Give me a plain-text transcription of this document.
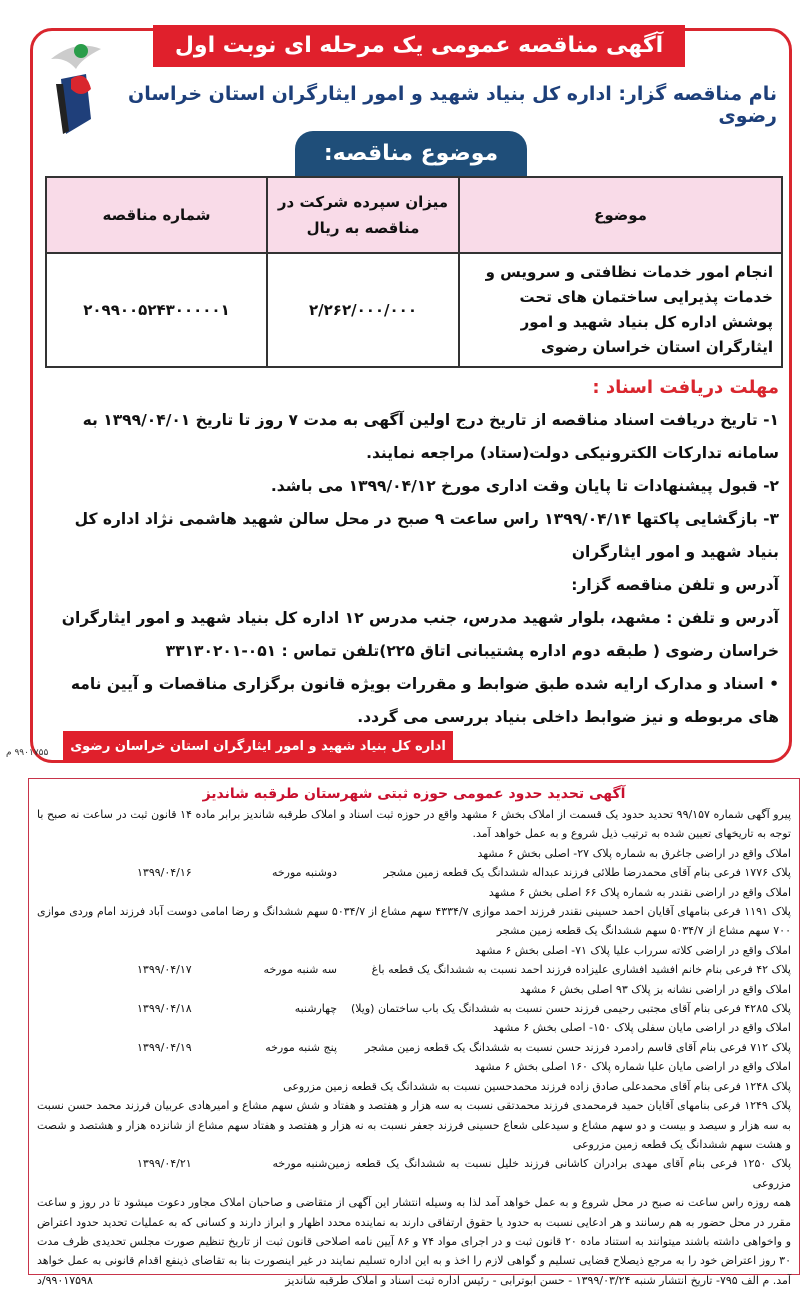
آگهی مناقصه عمومی یک مرحله ای نوبت اول
نام مناقصه گزار: اداره کل بنیاد شهید و امور ایثارگران استان خراسان رضوی
موضوع مناقصه:
موضوع	میزان سپرده شرکت در مناقصه به ریال	شماره مناقصه
انجام امور خدمات نظافتی و سرویس و خدمات پذیرایی ساختمان های تحت پوشش اداره کل بنیاد شهید و امور ایثارگران استان خراسان رضوی	۲/۲۶۲/۰۰۰/۰۰۰	۲۰۹۹۰۰۵۲۴۳۰۰۰۰۰۱
مهلت دریافت اسناد :
۱- تاریخ دریافت اسناد مناقصه از تاریخ درج اولین آگهی به مدت ۷ روز تا تاریخ ۱۳۹۹/۰۴/۰۱ به سامانه تدارکات الکترونیکی دولت(ستاد) مراجعه نمایند.
۲- قبول پیشنهادات تا پایان وقت اداری مورخ ۱۳۹۹/۰۴/۱۲ می باشد.
۳- بازگشایی پاکتها ۱۳۹۹/۰۴/۱۴ راس ساعت ۹ صبح در محل سالن شهید هاشمی نژاد اداره کل بنیاد شهید و امور ایثارگران
آدرس و تلفن مناقصه گزار:
آدرس و تلفن : مشهد، بلوار شهید مدرس، جنب مدرس ۱۲ اداره کل بنیاد شهید و امور ایثارگران خراسان رضوی ( طبقه دوم اداره پشتیبانی اتاق ۲۲۵)تلفن تماس : ۰۵۱-۳۳۱۳۰۲۰۱
• اسناد و مدارک ارایه شده طبق ضوابط و مقررات بویژه قانون برگزاری مناقصات و آیین نامه های مربوطه و نیز ضوابط داخلی بنیاد بررسی می گردد.
اداره کل بنیاد شهید و امور ایثارگران استان خراسان رضوی
۹۹۰۱۷۵۵ م
آگهی تحدید حدود عمومی حوزه ثبتی شهرستان طرقبه شاندیز
پیرو آگهی شماره ۹۹/۱۵۷ تحدید حدود یک قسمت از املاک بخش ۶ مشهد واقع در حوزه ثبت اسناد و املاک طرقبه شاندیز برابر ماده ۱۴ قانون ثبت در ساعت نه صبح با توجه به تاریخهای تعیین شده به ترتیب ذیل شروع و به عمل خواهد آمد.
املاک واقع در اراضی جاغرق به شماره پلاک ۲۷- اصلی بخش ۶ مشهد
پلاک ۱۷۷۶ فرعی بنام آقای محمدرضا طلائی فرزند عبداله ششدانگ یک قطعه زمین مشجر
دوشنبه مورخه
۱۳۹۹/۰۴/۱۶
املاک واقع در اراضی نقندر به شماره پلاک ۶۶ اصلی بخش ۶ مشهد
پلاک ۱۱۹۱ فرعی بنامهای آقایان احمد حسینی نقندر فرزند احمد موازی ۴۳۳۴/۷ سهم مشاع از ۵۰۳۴/۷ سهم ششدانگ و رضا امامی دوست آباد فرزند امام وردی موازی ۷۰۰ سهم مشاع از ۵۰۳۴/۷ سهم ششدانگ یک قطعه زمین مشجر
املاک واقع در اراضی کلاته سرراب علیا پلاک ۷۱- اصلی بخش ۶ مشهد
پلاک ۴۲ فرعی بنام خانم افشید افشاری علیزاده فرزند احمد نسبت به ششدانگ یک قطعه باغ
سه شنبه مورخه
۱۳۹۹/۰۴/۱۷
املاک واقع در اراضی نشانه بز پلاک ۹۳ اصلی بخش ۶ مشهد
پلاک ۴۲۸۵ فرعی بنام آقای مجتبی رحیمی فرزند حسن نسبت به ششدانگ یک باب ساختمان (ویلا)
چهارشنبه
۱۳۹۹/۰۴/۱۸
املاک واقع در اراضی مایان سفلی پلاک ۱۵۰- اصلی بخش ۶ مشهد
پلاک ۷۱۲ فرعی بنام آقای قاسم رادمرد فرزند حسن نسبت به ششدانگ یک قطعه زمین مشجر
پنج شنبه مورخه
۱۳۹۹/۰۴/۱۹
املاک واقع در اراضی مایان علیا شماره پلاک ۱۶۰ اصلی بخش ۶ مشهد
پلاک ۱۲۴۸ فرعی بنام آقای محمدعلی صادق زاده فرزند محمدحسین نسبت به ششدانگ یک قطعه زمین مزروعی
پلاک ۱۲۴۹ فرعی بنامهای آقایان حمید فرمحمدی فرزند محمدتقی نسبت به سه هزار و هفتصد و هفتاد و شش سهم مشاع و امیرهادی عربیان فرزند محمد حسن نسبت به سه هزار و سیصد و بیست و دو سهم مشاع و سیدعلی شعاع حسینی فرزند جعفر نسبت به نه هزار و هفتصد و هفتاد سهم مشاع از شانزده هزار و هشتصد و شصت و هشت سهم ششدانگ یک قطعه زمین مزروعی
پلاک ۱۲۵۰ فرعی بنام آقای مهدی برادران کاشانی فرزند خلیل نسبت به ششدانگ یک قطعه زمین مزروعی
شنبه مورخه
۱۳۹۹/۰۴/۲۱
همه روزه راس ساعت نه صبح در محل شروع و به عمل خواهد آمد لذا به وسیله انتشار این آگهی از متقاضی و صاحبان املاک مجاور دعوت میشود تا در روز و ساعت مقرر در محل حضور به هم رسانند و هر ادعایی نسبت به حدود یا حقوق ارتفاقی دارند به نماینده محدد اظهار و ابراز دارند و کسانی که به عملیات تحدید حدود اعتراض و واخواهی داشته باشند میتوانند به استناد ماده ۲۰ قانون ثبت و در اجرای مواد ۷۴ و ۸۶ آیین نامه اصلاحی قانون ثبت از تاریخ تنظیم صورت مجلس تحدیدی ظرف مدت ۳۰ روز اعتراض خود را به مرجع ذیصلاح قضایی تسلیم و گواهی لازم را اخذ و به این اداره تسلیم نمایند در غیر اینصورت بنا به تقاضای ذینفع اقدام قانونی به عمل خواهد آمد. م الف ۷۹۵- تاریخ انتشار شنبه ۱۳۹۹/۰۳/۲۴ - حسن ابوترابی - رئیس اداره ثبت اسناد و املاک طرقبه شاندیز
۹۹۰۱۷۵۹۸/د
